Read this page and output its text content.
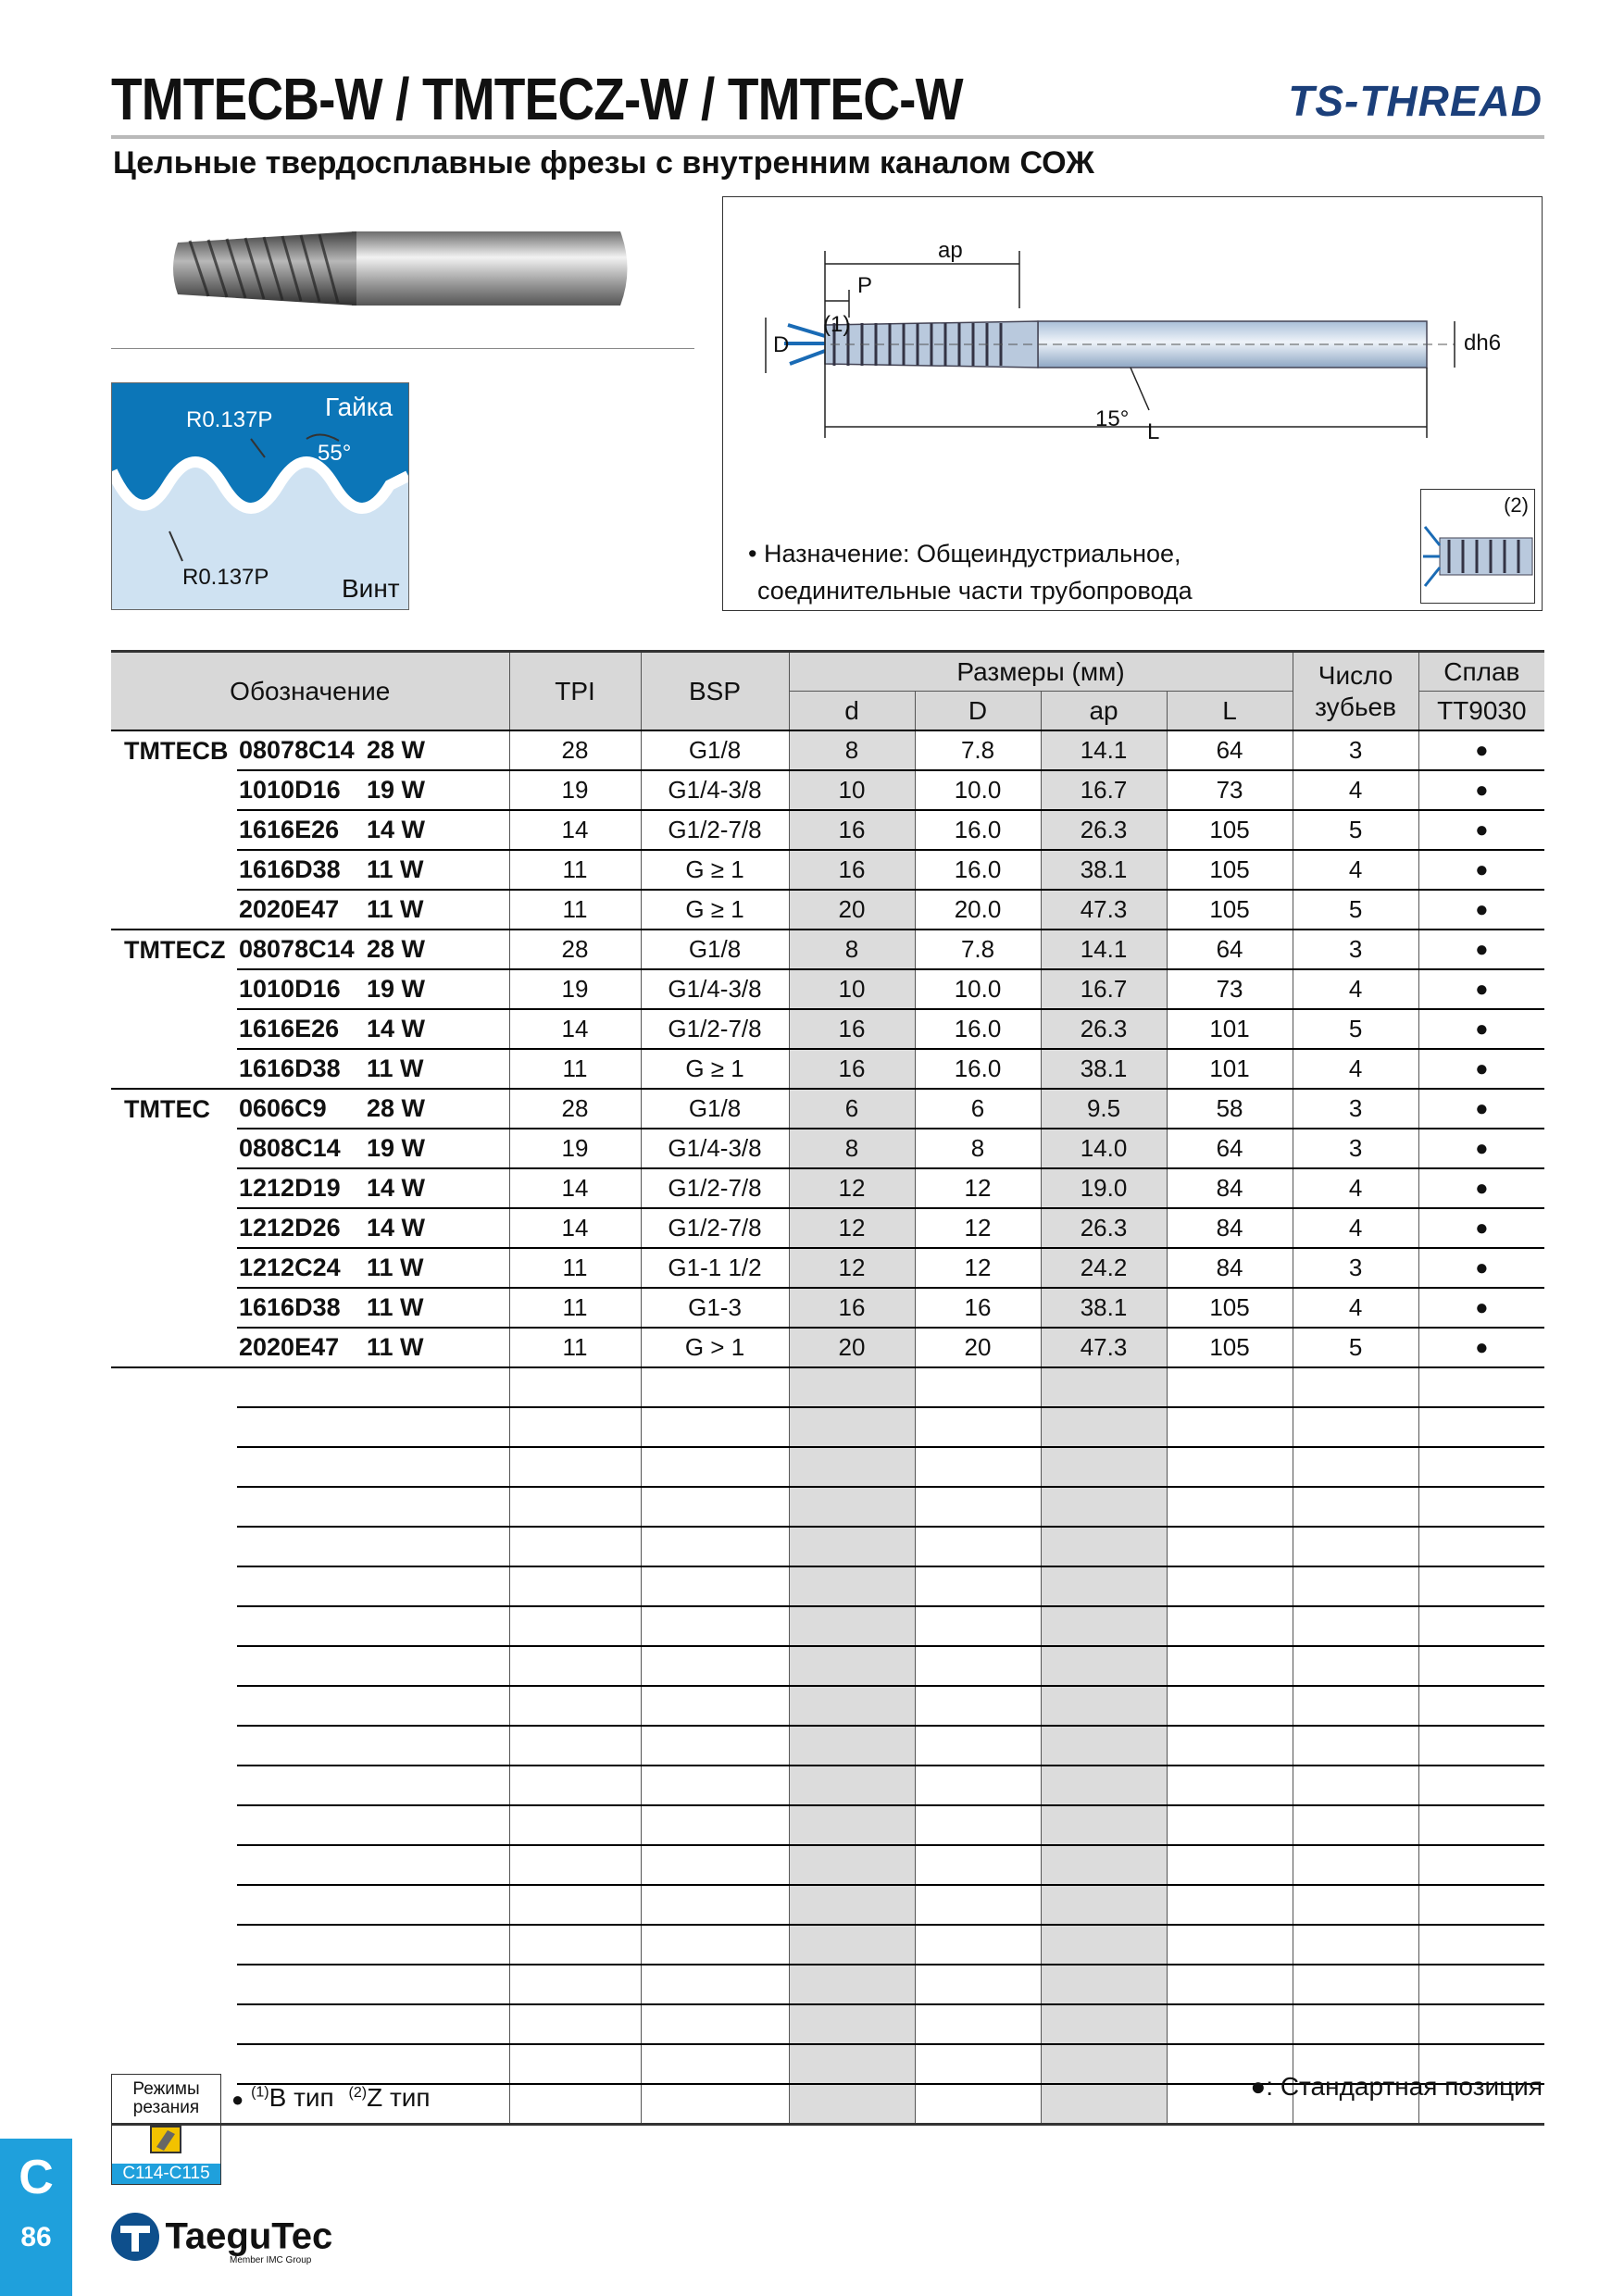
TMTECB-W / TMTECZ-W / TMTEC-W	TS-THREAD
Цельные твердосплавные фрезы с внутренним каналом СОЖ
R0.137P Гайка
55°
R0.137P	Винт
ap
P
D
(1)
dh6
15°
L
• Назначение: Общеиндустриальное,
соединительные части трубопровода
(2)
Обозначение		TPI	BSP	Размеры (мм)				Число зубьев	Сплав
				d	D	ap	L		TT9030
TMTECB	08078C14 28 W	28	G1/8	8	7.8	14.1	64	3	●
	1010D16 19 W	19	G1/4-3/8	10	10.0	16.7	73	4	●
	1616E26 14 W	14	G1/2-7/8	16	16.0	26.3	105	5	●
	1616D38 11 W	11	G ≥ 1	16	16.0	38.1	105	4	●
	2020E47 11 W	11	G ≥ 1	20	20.0	47.3	105	5	●
TMTECZ	08078C14 28 W	28	G1/8	8	7.8	14.1	64	3	●
	1010D16 19 W	19	G1/4-3/8	10	10.0	16.7	73	4	●
	1616E26 14 W	14	G1/2-7/8	16	16.0	26.3	101	5	●
	1616D38 11 W	11	G ≥ 1	16	16.0	38.1	101	4	●
TMTEC	0606C9 28 W	28	G1/8	6	6	9.5	58	3	●
	0808C14 19 W	19	G1/4-3/8	8	8	14.0	64	3	●
	1212D19 14 W	14	G1/2-7/8	12	12	19.0	84	4	●
	1212D26 14 W	14	G1/2-7/8	12	12	26.3	84	4	●
	1212C24 11 W	11	G1-1 1/2	12	12	24.2	84	3	●
	1616D38 11 W	11	G1-3	16	16	38.1	105	4	●
	2020E47 11 W	11	G > 1	20	20	47.3	105	5	●

Режимы резания
C114-C115
● $^{(1)}$B тип $^{(2)}$Z тип	●: Стандартная позиция
C
86	TaeguTec
Member IMC Group
